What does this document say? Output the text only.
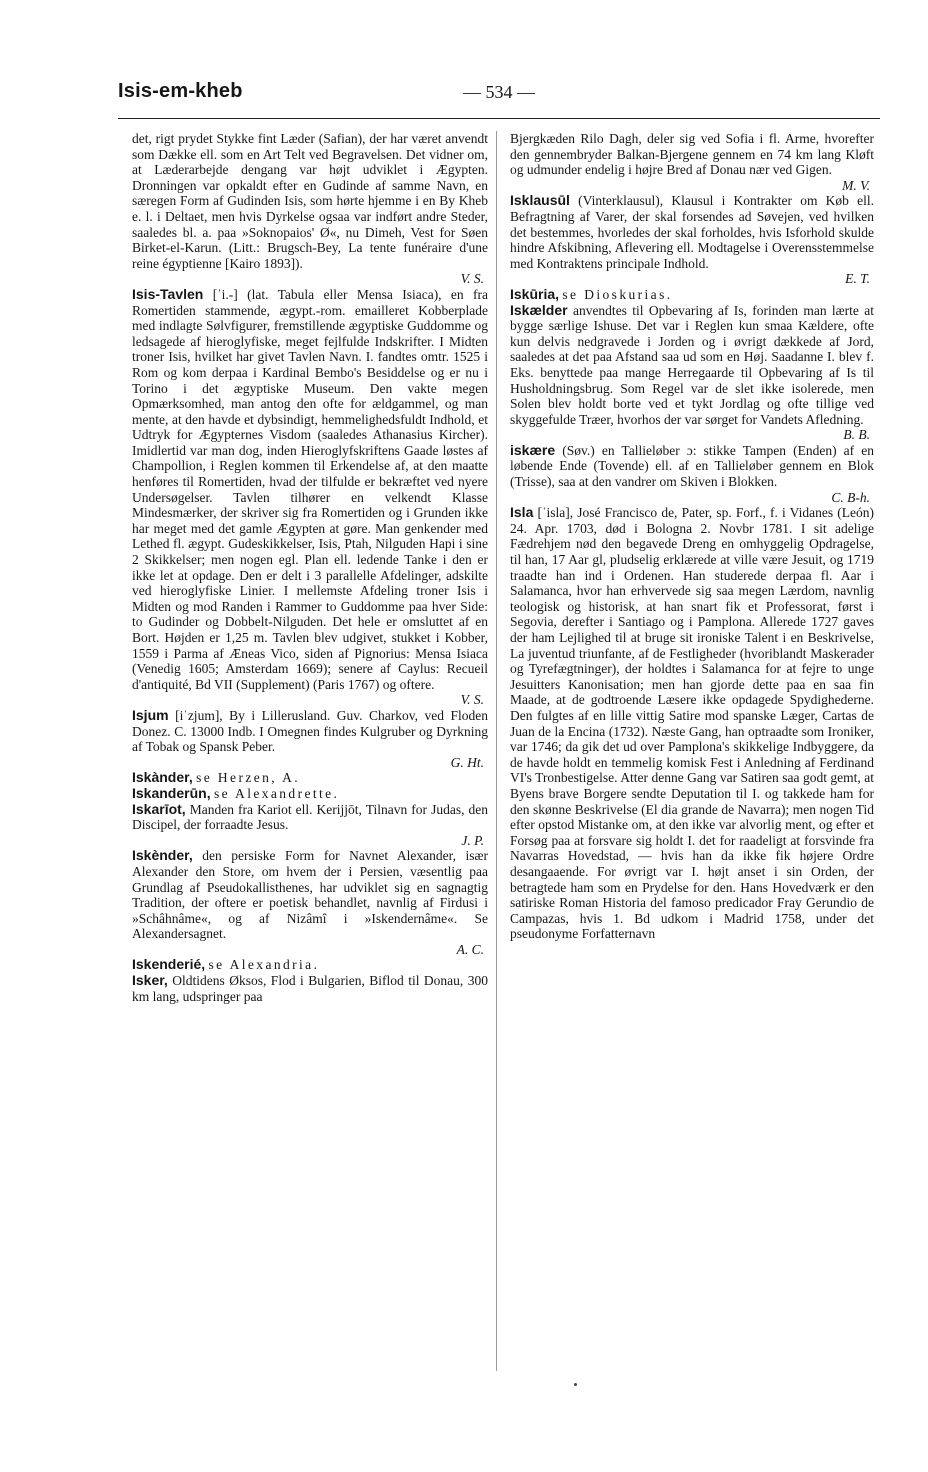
Isis-em-kheb	— 534 —

det, rigt prydet Stykke fint Læder (Safian), der har været anvendt som Dække ell. som en Art Telt ved Begravelsen. Det vidner om, at Læderarbejde dengang var højt udviklet i Ægypten. Dronningen var opkaldt efter en Gudinde af samme Navn, en særegen Form af Gudinden Isis, som hørte hjemme i en By Kheb e. l. i Deltaet, men hvis Dyrkelse ogsaa var indført andre Steder, saaledes bl. a. paa »Soknopaios' Ø«, nu Dimeh, Vest for Søen Birket-el-Karun. (Litt.: Brugsch-Bey, La tente funéraire d'une reine égyptienne [Kairo 1893]).
V. S.

Isis-Tavlen [ˈi.-] (lat. Tabula eller Mensa Isiaca), en fra Romertiden stammende, ægypt.-rom. emailleret Kobberplade med indlagte Sølvfigurer, fremstillende ægyptiske Guddomme og ledsagede af hieroglyfiske, meget fejlfulde Indskrifter. I Midten troner Isis, hvilket har givet Tavlen Navn. I. fandtes omtr. 1525 i Rom og kom derpaa i Kardinal Bembo's Besiddelse og er nu i Torino i det ægyptiske Museum. Den vakte megen Opmærksomhed, man antog den ofte for ældgammel, og man mente, at den havde et dybsindigt, hemmelighedsfuldt Indhold, et Udtryk for Ægypternes Visdom (saaledes Athanasius Kircher). Imidlertid var man dog, inden Hieroglyfskriftens Gaade løstes af Champollion, i Reglen kommen til Erkendelse af, at den maatte henføres til Romertiden, hvad der tilfulde er bekræftet ved nyere Undersøgelser. Tavlen tilhører en velkendt Klasse Mindesmærker, der skriver sig fra Romertiden og i Grunden ikke har meget med det gamle Ægypten at gøre. Man genkender med Lethed fl. ægypt. Gudeskikkelser, Isis, Ptah, Nilguden Hapi i sine 2 Skikkelser; men nogen egl. Plan ell. ledende Tanke i den er ikke let at opdage. Den er delt i 3 parallelle Afdelinger, adskilte ved hieroglyfiske Linier. I mellemste Afdeling troner Isis i Midten og mod Randen i Rammer to Guddomme paa hver Side: to Gudinder og Dobbelt-Nilguden. Det hele er omsluttet af en Bort. Højden er 1,25 m. Tavlen blev udgivet, stukket i Kobber, 1559 i Parma af Æneas Vico, siden af Pignorius: Mensa Isiaca (Venedig 1605; Amsterdam 1669); senere af Caylus: Recueil d'antiquité, Bd VII (Supplement) (Paris 1767) og oftere.
V. S.

Isjum [iˈzjum], By i Lillerusland. Guv. Charkov, ved Floden Donez. C. 13000 Indb. I Omegnen findes Kulgruber og Dyrkning af Tobak og Spansk Peber.
G. Ht.

Iskànder, se Herzen, A.

Iskanderūn, se Alexandrette.

Iskarīot, Manden fra Kariot ell. Kerijjōt, Tilnavn for Judas, den Discipel, der forraadte Jesus.
J. P.

Iskènder, den persiske Form for Navnet Alexander, især Alexander den Store, om hvem der i Persien, væsentlig paa Grundlag af Pseudokallisthenes, har udviklet sig en sagnagtig Tradition, der oftere er poetisk behandlet, navnlig af Firdusi i »Schâhnâme«, og af Nizâmî i »Iskendernâme«. Se Alexandersagnet.
A. C.

Iskenderié, se Alexandria.

Isker, Oldtidens Øksos, Flod i Bulgarien, Biflod til Donau, 300 km lang, udspringer paa

Bjergkæden Rilo Dagh, deler sig ved Sofia i fl. Arme, hvorefter den gennembryder Balkan-Bjergene gennem en 74 km lang Kløft og udmunder endelig i højre Bred af Donau nær ved Gigen.
M. V.

Isklausūl (Vinterklausul), Klausul i Kontrakter om Køb ell. Befragtning af Varer, der skal forsendes ad Søvejen, ved hvilken det bestemmes, hvorledes der skal forholdes, hvis Isforhold skulde hindre Afskibning, Aflevering ell. Modtagelse i Overensstemmelse med Kontraktens principale Indhold.
E. T.

Iskūria, se Dioskurias.

Iskælder anvendtes til Opbevaring af Is, forinden man lærte at bygge særlige Ishuse. Det var i Reglen kun smaa Kældere, ofte kun delvis nedgravede i Jorden og i øvrigt dækkede af Jord, saaledes at det paa Afstand saa ud som en Høj. Saadanne I. blev f. Eks. benyttede paa mange Herregaarde til Opbevaring af Is til Husholdningsbrug. Som Regel var de slet ikke isolerede, men Solen blev holdt borte ved et tykt Jordlag og ofte tillige ved skyggefulde Træer, hvorhos der var sørget for Vandets Afledning.
B. B.

iskære (Søv.) en Tallieløber ɔ: stikke Tampen (Enden) af en løbende Ende (Tovende) ell. af en Tallieløber gennem en Blok (Trisse), saa at den vandrer om Skiven i Blokken.
C. B-h.

Isla [ˈisla], José Francisco de, Pater, sp. Forf., f. i Vidanes (León) 24. Apr. 1703, død i Bologna 2. Novbr 1781. I sit adelige Fædrehjem nød den begavede Dreng en omhyggelig Opdragelse, til han, 17 Aar gl, pludselig erklærede at ville være Jesuit, og 1719 traadte han ind i Ordenen. Han studerede derpaa fl. Aar i Salamanca, hvor han erhvervede sig saa megen Lærdom, navnlig teologisk og historisk, at han snart fik et Professorat, først i Segovia, derefter i Santiago og i Pamplona. Allerede 1727 gaves der ham Lejlighed til at bruge sit ironiske Talent i en Beskrivelse, La juventud triunfante, af de Festligheder (hvoriblandt Maskerader og Tyrefægtninger), der holdtes i Salamanca for at fejre to unge Jesuitters Kanonisation; men han gjorde dette paa en saa fin Maade, at de godtroende Læsere ikke opdagede Spydighederne. Den fulgtes af en lille vittig Satire mod spanske Læger, Cartas de Juan de la Encina (1732). Næste Gang, han optraadte som Ironiker, var 1746; da gik det ud over Pamplona's skikkelige Indbyggere, da de havde holdt en temmelig komisk Fest i Anledning af Ferdinand VI's Tronbestigelse. Atter denne Gang var Satiren saa godt gemt, at Byens brave Borgere sendte Deputation til I. og takkede ham for den skønne Beskrivelse (El dia grande de Navarra); men nogen Tid efter opstod Mistanke om, at den ikke var alvorlig ment, og efter et Forsøg paa at forsvare sig holdt I. det for raadeligt at forsvinde fra Navarras Hovedstad, — hvis han da ikke fik højere Ordre desangaaende. For øvrigt var I. højt anset i sin Orden, der betragtede ham som en Prydelse for den. Hans Hovedværk er den satiriske Roman Historia del famoso predicador Fray Gerundio de Campazas, hvis 1. Bd udkom i Madrid 1758, under det pseudonyme Forfatternavn
